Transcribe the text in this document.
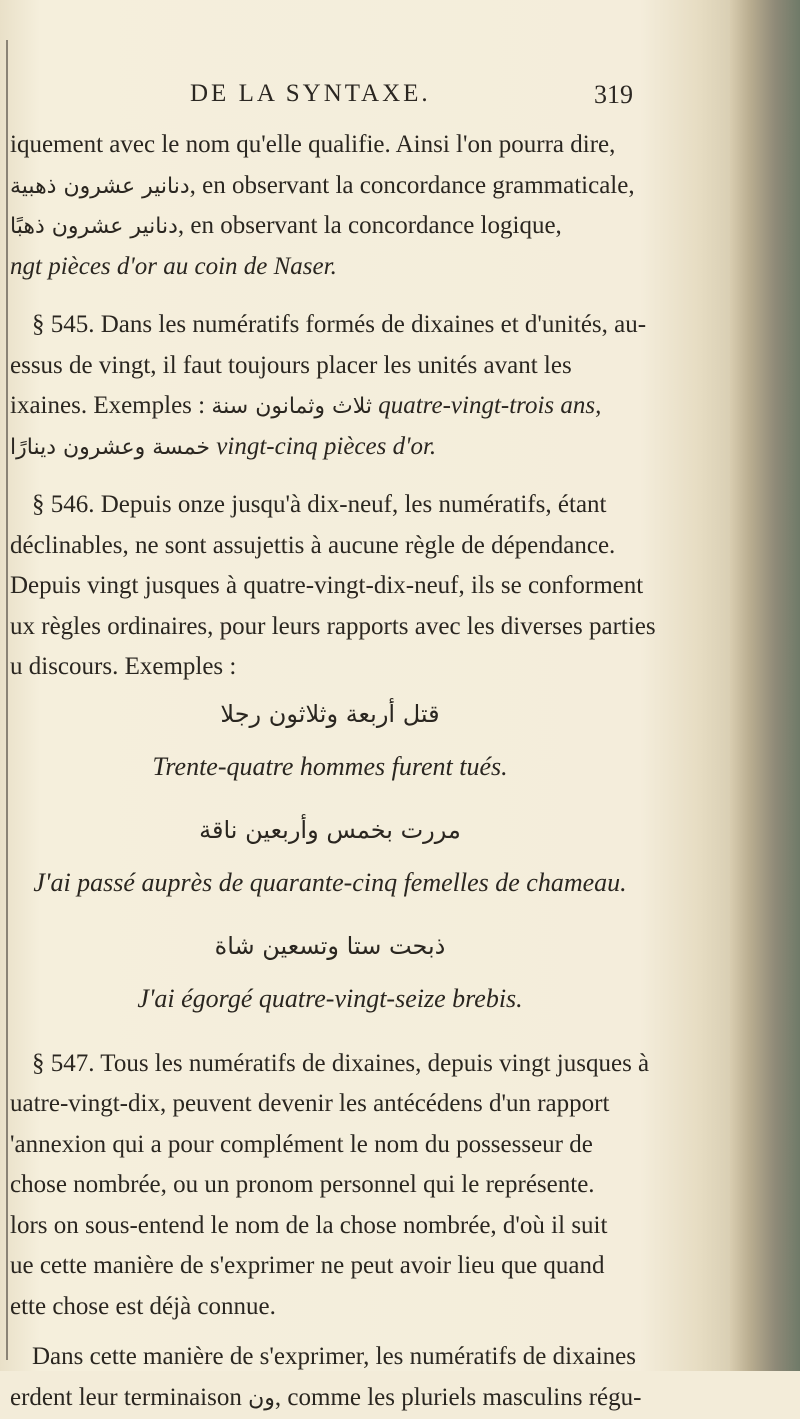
DE LA SYNTAXE.	319
iquement avec le nom qu'elle qualifie. Ainsi l'on pourra dire,
دنانير عشرون ذهبية, en observant la concordance grammaticale,
دنانير عشرون ذهبًا, en observant la concordance logique,
ngt pièces d'or au coin de Naser.
§ 545. Dans les numératifs formés de dixaines et d'unités, au-
essus de vingt, il faut toujours placer les unités avant les
ixaines. Exemples : ثلاث وثمانون سنة quatre-vingt-trois ans,
خمسة وعشرون دينارًا vingt-cinq pièces d'or.
§ 546. Depuis onze jusqu'à dix-neuf, les numératifs, étant
déclinables, ne sont assujettis à aucune règle de dépendance.
Depuis vingt jusques à quatre-vingt-dix-neuf, ils se conforment
ux règles ordinaires, pour leurs rapports avec les diverses parties
u discours. Exemples :
قتل أربعة وثلاثون رجلا
Trente-quatre hommes furent tués.
مررت بخمس وأربعين ناقة
J'ai passé auprès de quarante-cinq femelles de chameau.
ذبحت ستا وتسعين شاة
J'ai égorgé quatre-vingt-seize brebis.
§ 547. Tous les numératifs de dixaines, depuis vingt jusques à
uatre-vingt-dix, peuvent devenir les antécédens d'un rapport
'annexion qui a pour complément le nom du possesseur de
chose nombrée, ou un pronom personnel qui le représente.
lors on sous-entend le nom de la chose nombrée, d'où il suit
ue cette manière de s'exprimer ne peut avoir lieu que quand
ette chose est déjà connue.
Dans cette manière de s'exprimer, les numératifs de dixaines
erdent leur terminaison ون, comme les pluriels masculins régu-
